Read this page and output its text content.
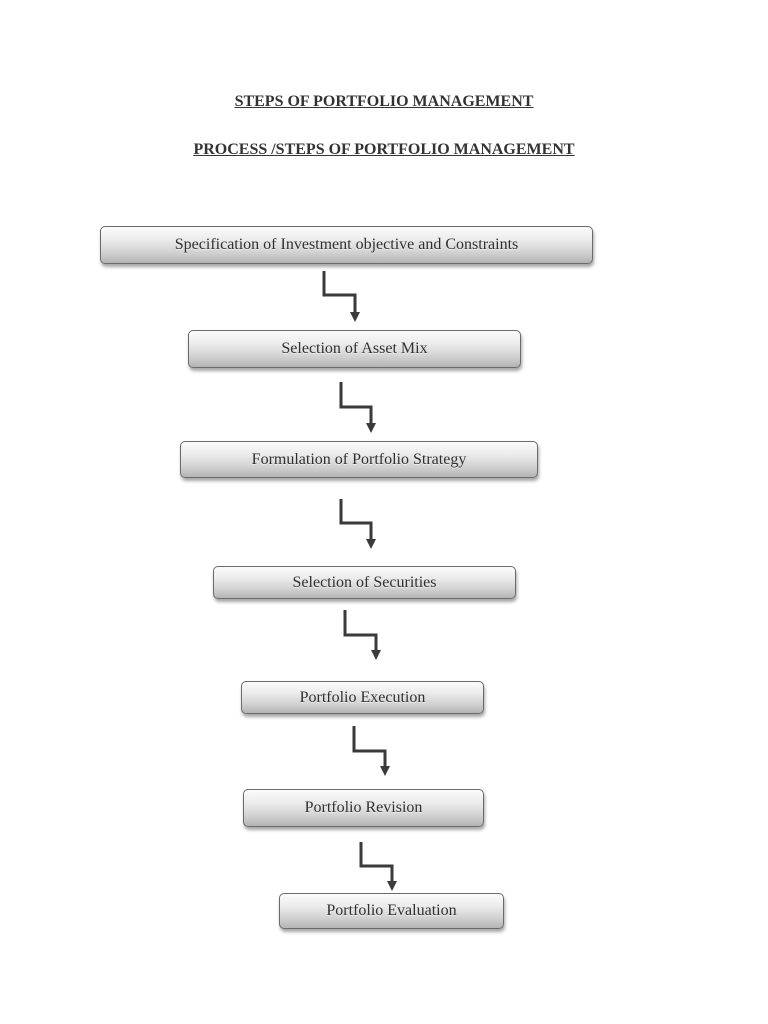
STEPS OF PORTFOLIO MANAGEMENT
PROCESS /STEPS OF PORTFOLIO MANAGEMENT
Specification of Investment objective and Constraints
Selection of Asset Mix
Formulation of Portfolio Strategy
Selection of Securities
Portfolio Execution
Portfolio Revision
Portfolio Evaluation
